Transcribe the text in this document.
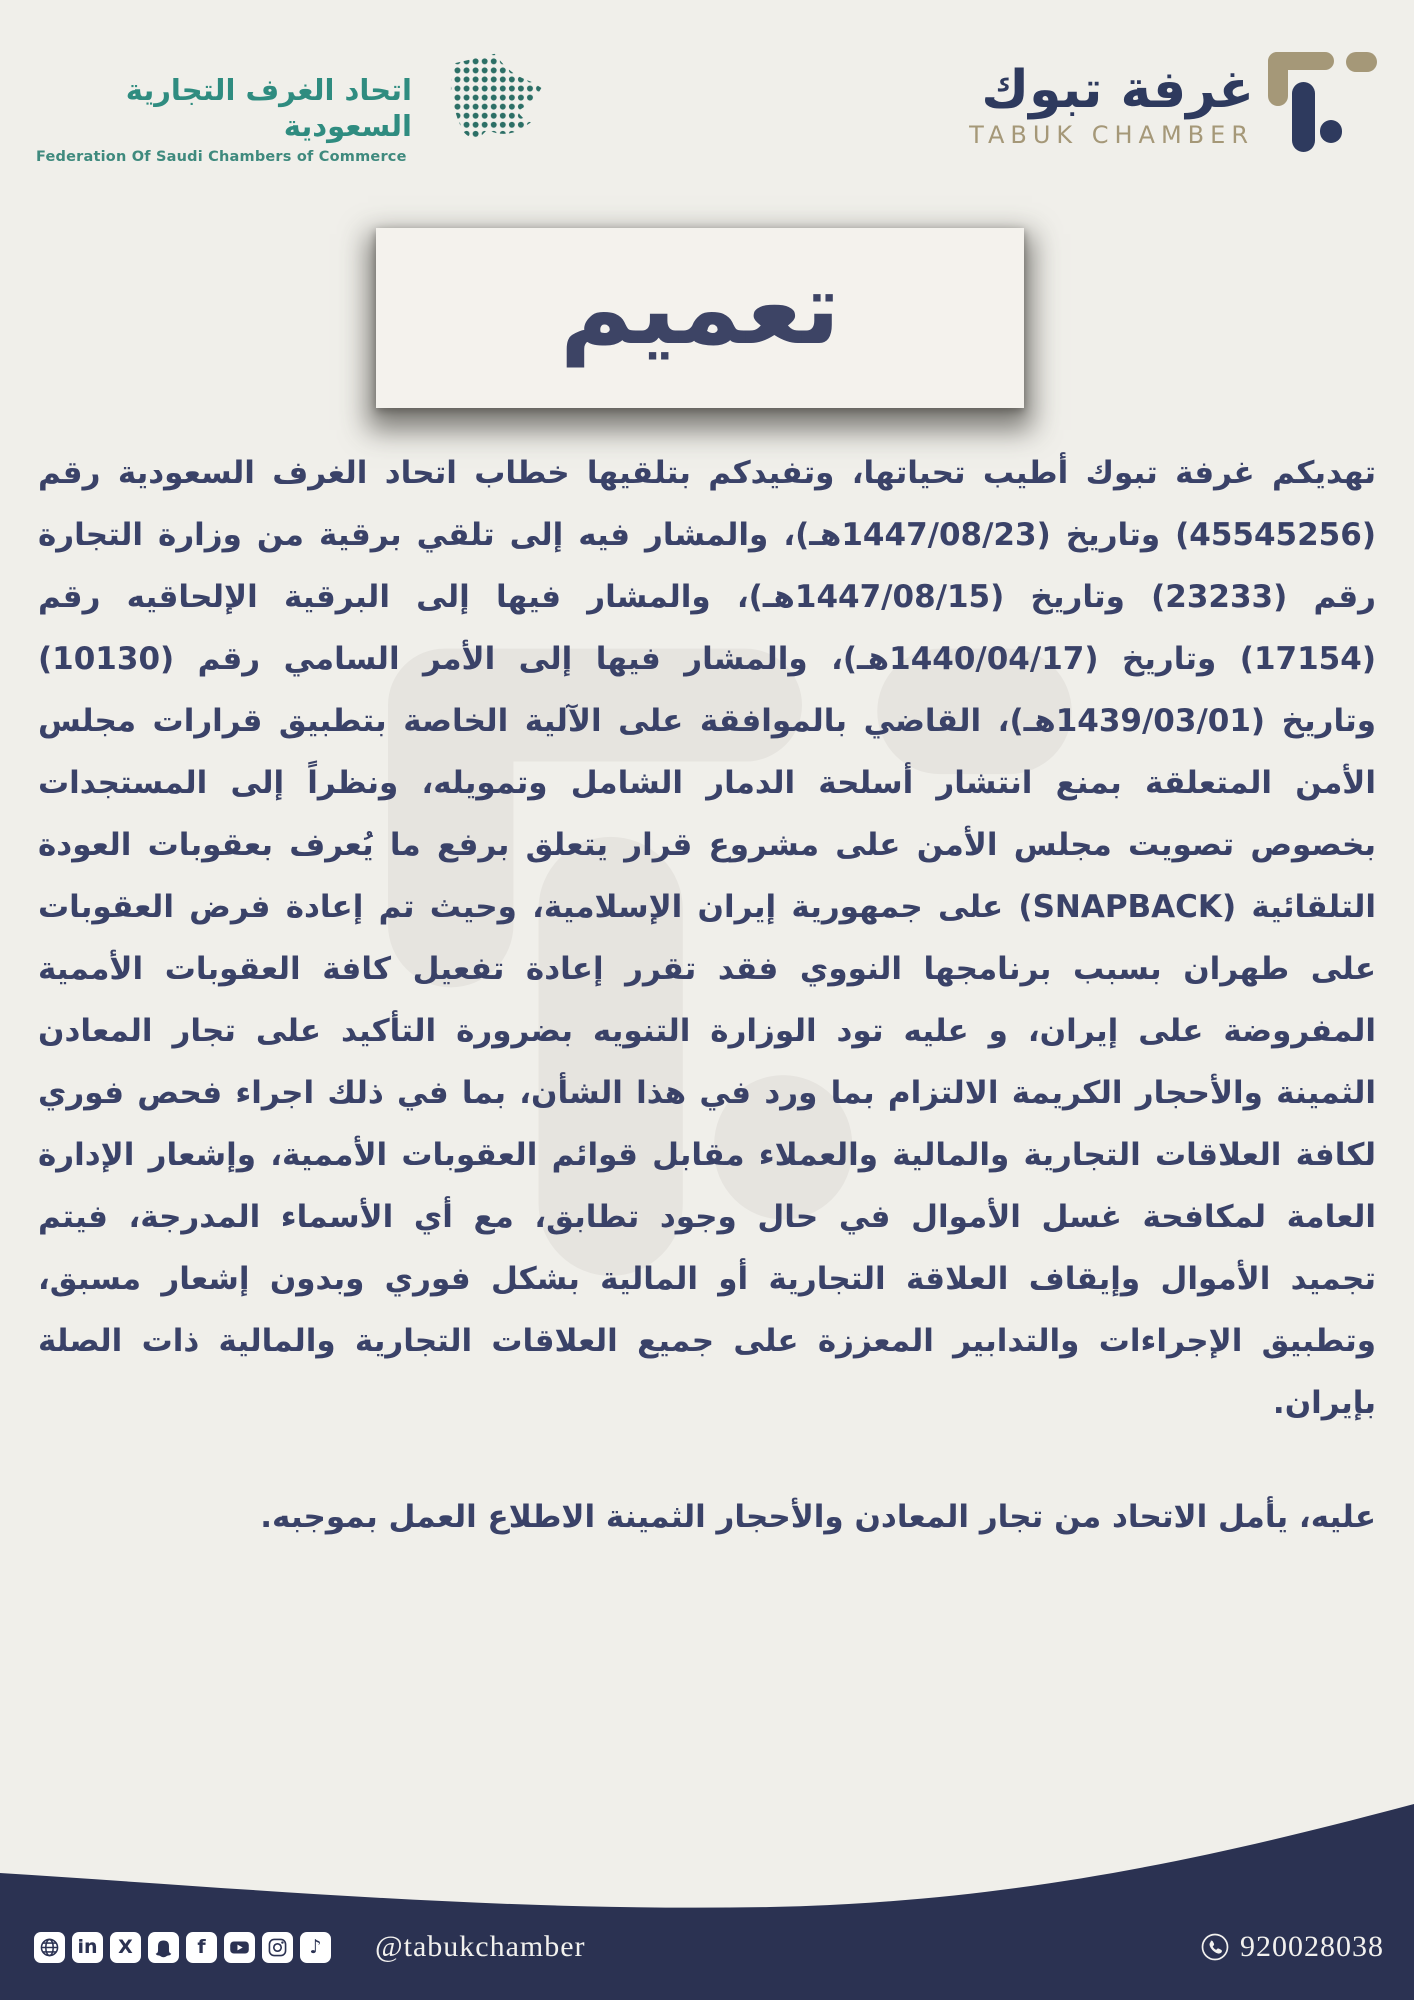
اتحاد الغرف التجارية السعودية
Federation Of Saudi Chambers of Commerce
غرفة تبوك
TABUK CHAMBER
تعميم

تهديكم غرفة تبوك أطيب تحياتها، وتفيدكم بتلقيها خطاب اتحاد الغرف السعودية رقم (45545256) وتاريخ (1447/08/23هـ)، والمشار فيه إلى تلقي برقية من وزارة التجارة رقم (23233) وتاريخ (1447/08/15هـ)، والمشار فيها إلى البرقية الإلحاقيه رقم (17154) وتاريخ (1440/04/17هـ)، والمشار فيها إلى الأمر السامي رقم (10130) وتاريخ (1439/03/01هـ)، القاضي بالموافقة على الآلية الخاصة بتطبيق قرارات مجلس الأمن المتعلقة بمنع انتشار أسلحة الدمار الشامل وتمويله، ونظراً إلى المستجدات بخصوص تصويت مجلس الأمن على مشروع قرار يتعلق برفع ما يُعرف بعقوبات العودة التلقائية (SNAPBACK) على جمهورية إيران الإسلامية، وحيث تم إعادة فرض العقوبات على طهران بسبب برنامجها النووي فقد تقرر إعادة تفعيل كافة العقوبات الأممية المفروضة على إيران، و عليه تود الوزارة التنويه بضرورة التأكيد على تجار المعادن الثمينة والأحجار الكريمة الالتزام بما ورد في هذا الشأن، بما في ذلك اجراء فحص فوري لكافة العلاقات التجارية والمالية والعملاء مقابل قوائم العقوبات الأممية، وإشعار الإدارة العامة لمكافحة غسل الأموال في حال وجود تطابق، مع أي الأسماء المدرجة، فيتم تجميد الأموال وإيقاف العلاقة التجارية أو المالية بشكل فوري وبدون إشعار مسبق، وتطبيق الإجراءات والتدابير المعززة على جميع العلاقات التجارية والمالية ذات الصلة بإيران.

عليه، يأمل الاتحاد من تجار المعادن والأحجار الثمينة الاطلاع العمل بموجبه.

in	X	f	♪	@tabukchamber	920028038
